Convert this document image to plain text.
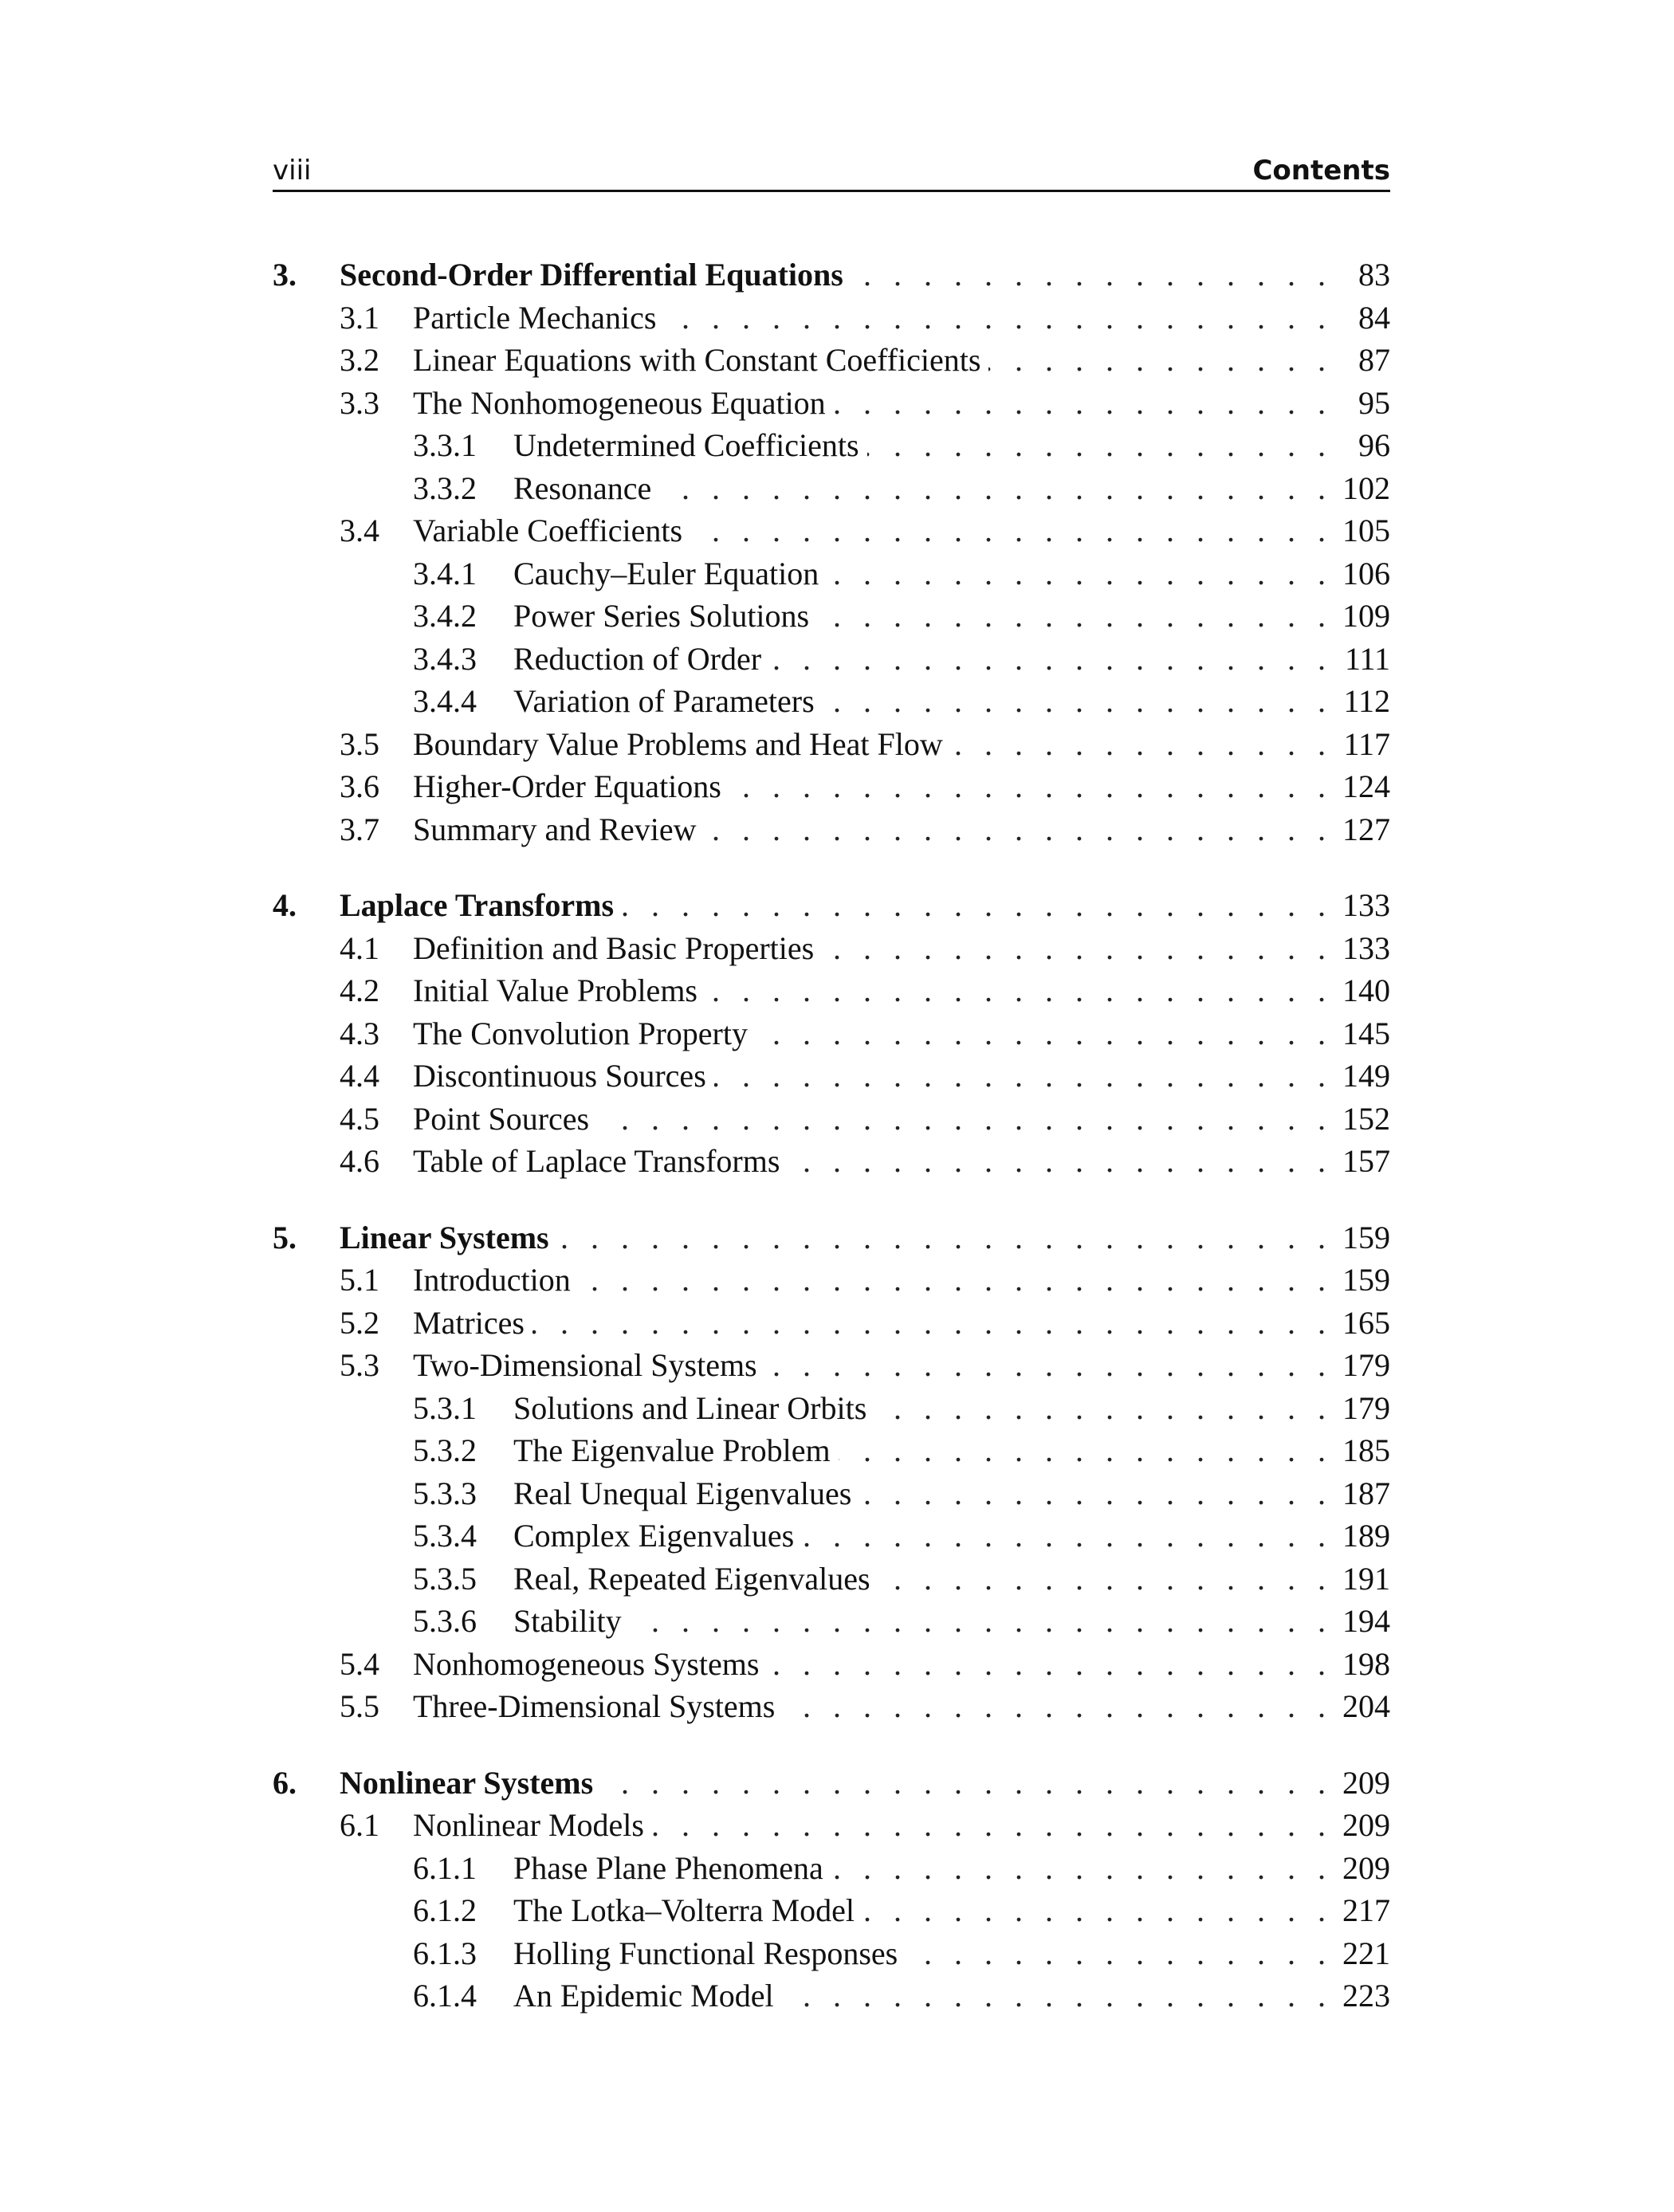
viii	Contents
3.	Second-Order Differential Equations . . .	83
3.1	Particle Mechanics . . .	84
3.2	Linear Equations with Constant Coefficients . . .	87
3.3	The Nonhomogeneous Equation . . .	95
3.3.1	Undetermined Coefficients . . .	96
3.3.2	Resonance . . .	102
3.4	Variable Coefficients . . .	105
3.4.1	Cauchy–Euler Equation . . .	106
3.4.2	Power Series Solutions . . .	109
3.4.3	Reduction of Order . . .	111
3.4.4	Variation of Parameters . . .	112
3.5	Boundary Value Problems and Heat Flow . . .	117
3.6	Higher-Order Equations . . .	124
3.7	Summary and Review . . .	127
4.	Laplace Transforms . . .	133
4.1	Definition and Basic Properties . . .	133
4.2	Initial Value Problems . . .	140
4.3	The Convolution Property . . .	145
4.4	Discontinuous Sources . . .	149
4.5	Point Sources . . .	152
4.6	Table of Laplace Transforms . . .	157
5.	Linear Systems . . .	159
5.1	Introduction . . .	159
5.2	Matrices . . .	165
5.3	Two-Dimensional Systems . . .	179
5.3.1	Solutions and Linear Orbits . . .	179
5.3.2	The Eigenvalue Problem . . .	185
5.3.3	Real Unequal Eigenvalues . . .	187
5.3.4	Complex Eigenvalues . . .	189
5.3.5	Real, Repeated Eigenvalues . . .	191
5.3.6	Stability . . .	194
5.4	Nonhomogeneous Systems . . .	198
5.5	Three-Dimensional Systems . . .	204
6.	Nonlinear Systems . . .	209
6.1	Nonlinear Models . . .	209
6.1.1	Phase Plane Phenomena . . .	209
6.1.2	The Lotka–Volterra Model . . .	217
6.1.3	Holling Functional Responses . . .	221
6.1.4	An Epidemic Model . . .	223
